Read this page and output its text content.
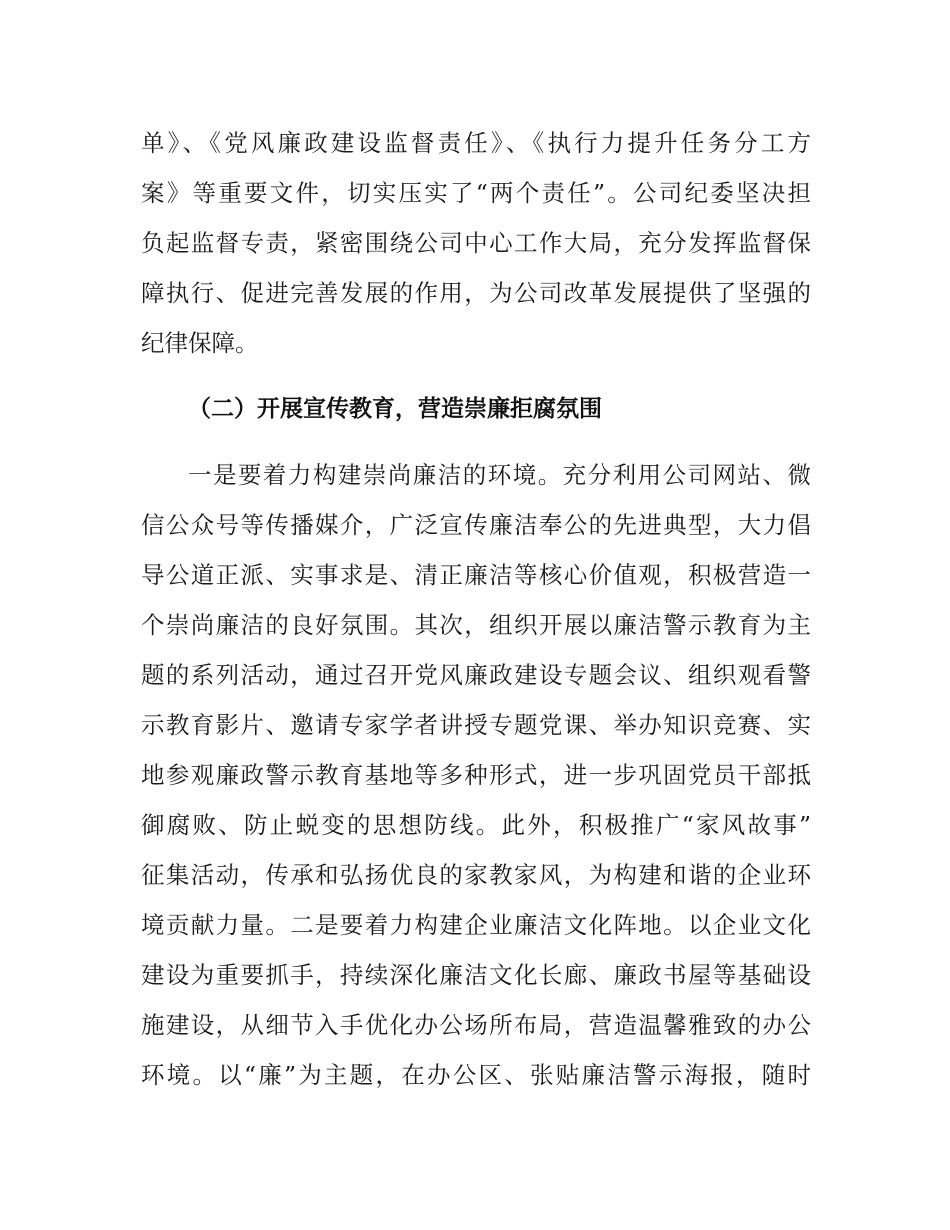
单》、《党风廉政建设监督责任》、《执行力提升任务分工方
案》等重要文件，切实压实了“两个责任”。公司纪委坚决担
负起监督专责，紧密围绕公司中心工作大局，充分发挥监督保
障执行、促进完善发展的作用，为公司改革发展提供了坚强的
纪律保障。
（二）开展宣传教育，营造崇廉拒腐氛围
一是要着力构建崇尚廉洁的环境。充分利用公司网站、微
信公众号等传播媒介，广泛宣传廉洁奉公的先进典型，大力倡
导公道正派、实事求是、清正廉洁等核心价值观，积极营造一
个崇尚廉洁的良好氛围。其次，组织开展以廉洁警示教育为主
题的系列活动，通过召开党风廉政建设专题会议、组织观看警
示教育影片、邀请专家学者讲授专题党课、举办知识竞赛、实
地参观廉政警示教育基地等多种形式，进一步巩固党员干部抵
御腐败、防止蜕变的思想防线。此外，积极推广“家风故事”
征集活动，传承和弘扬优良的家教家风，为构建和谐的企业环
境贡献力量。二是要着力构建企业廉洁文化阵地。以企业文化
建设为重要抓手，持续深化廉洁文化长廊、廉政书屋等基础设
施建设，从细节入手优化办公场所布局，营造温馨雅致的办公
环境。以“廉”为主题，在办公区、张贴廉洁警示海报，随时
